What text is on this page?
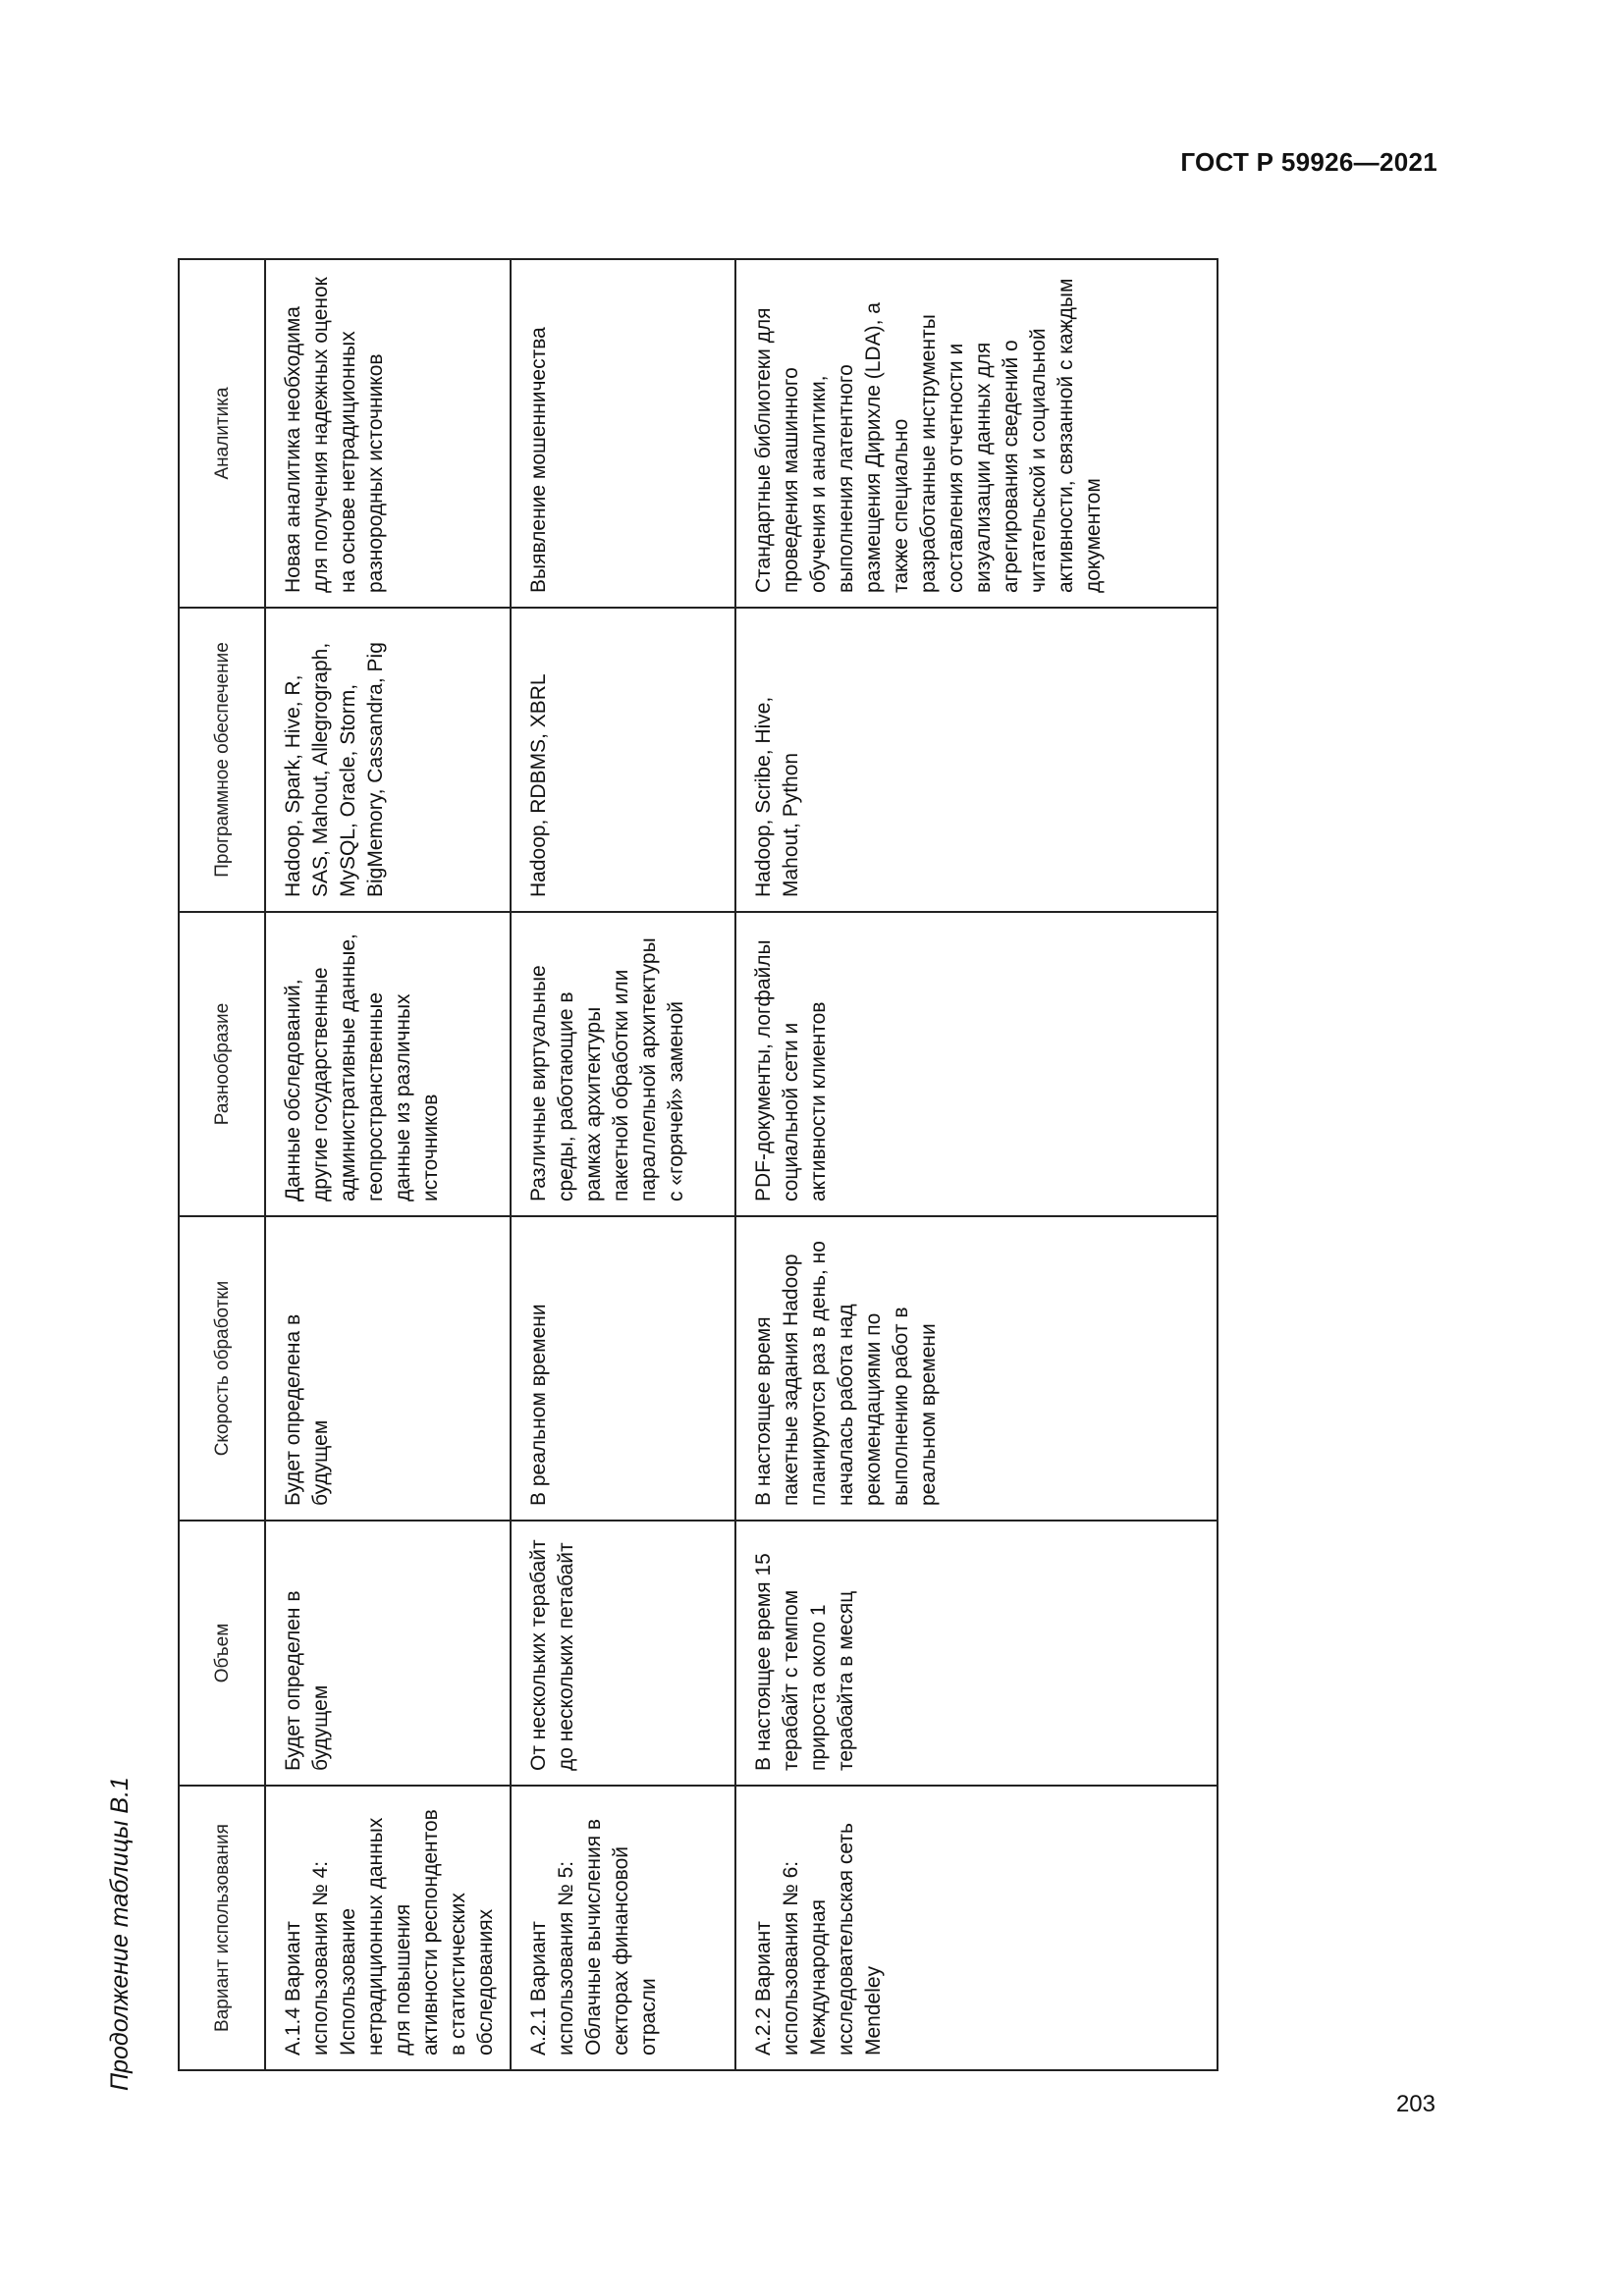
ГОСТ Р 59926—2021
Продолжение таблицы В.1	Вариант использования	Объем	Скорость обработки	Разнообразие	Программное обеспечение	Аналитика
А.1.4 Вариант использования № 4: Использование нетрадиционных данных для повышения активности респондентов в статистических обследованиях	Будет определен в будущем	Будет определена в будущем	Данные обследований, другие государственные административные данные, геопространственные данные из различных источников	Hadoop, Spark, Hive, R, SAS, Mahout, Allegrograph, MySQL, Oracle, Storm, BigMemory, Cassandra, Pig	Новая аналитика необходима для получения надежных оценок на основе нетрадиционных разнородных источников
А.2.1 Вариант использования № 5: Облачные вычисления в секторах финансовой отрасли	От нескольких терабайт до нескольких петабайт	В реальном времени	Различные виртуальные среды, работающие в рамках архитектуры пакетной обработки или параллельной архитектуры с «горячей» заменой	Hadoop, RDBMS, XBRL	Выявление мошенничества
А.2.2 Вариант использования № 6: Международная исследовательская сеть Mendeley	В настоящее время 15 терабайт с темпом прироста около 1 терабайта в месяц	В настоящее время пакетные задания Hadoop планируются раз в день, но началась работа над рекомендациями по выполнению работ в реальном времени	PDF-документы, логфайлы социальной сети и активности клиентов	Hadoop, Scribe, Hive, Mahout, Python	Стандартные библиотеки для проведения машинного обучения и аналитики, выполнения латентного размещения Дирихле (LDA), а также специально разработанные инструменты составления отчетности и визуализации данных для агрегирования сведений о читательской и социальной активности, связанной с каждым документом
203
